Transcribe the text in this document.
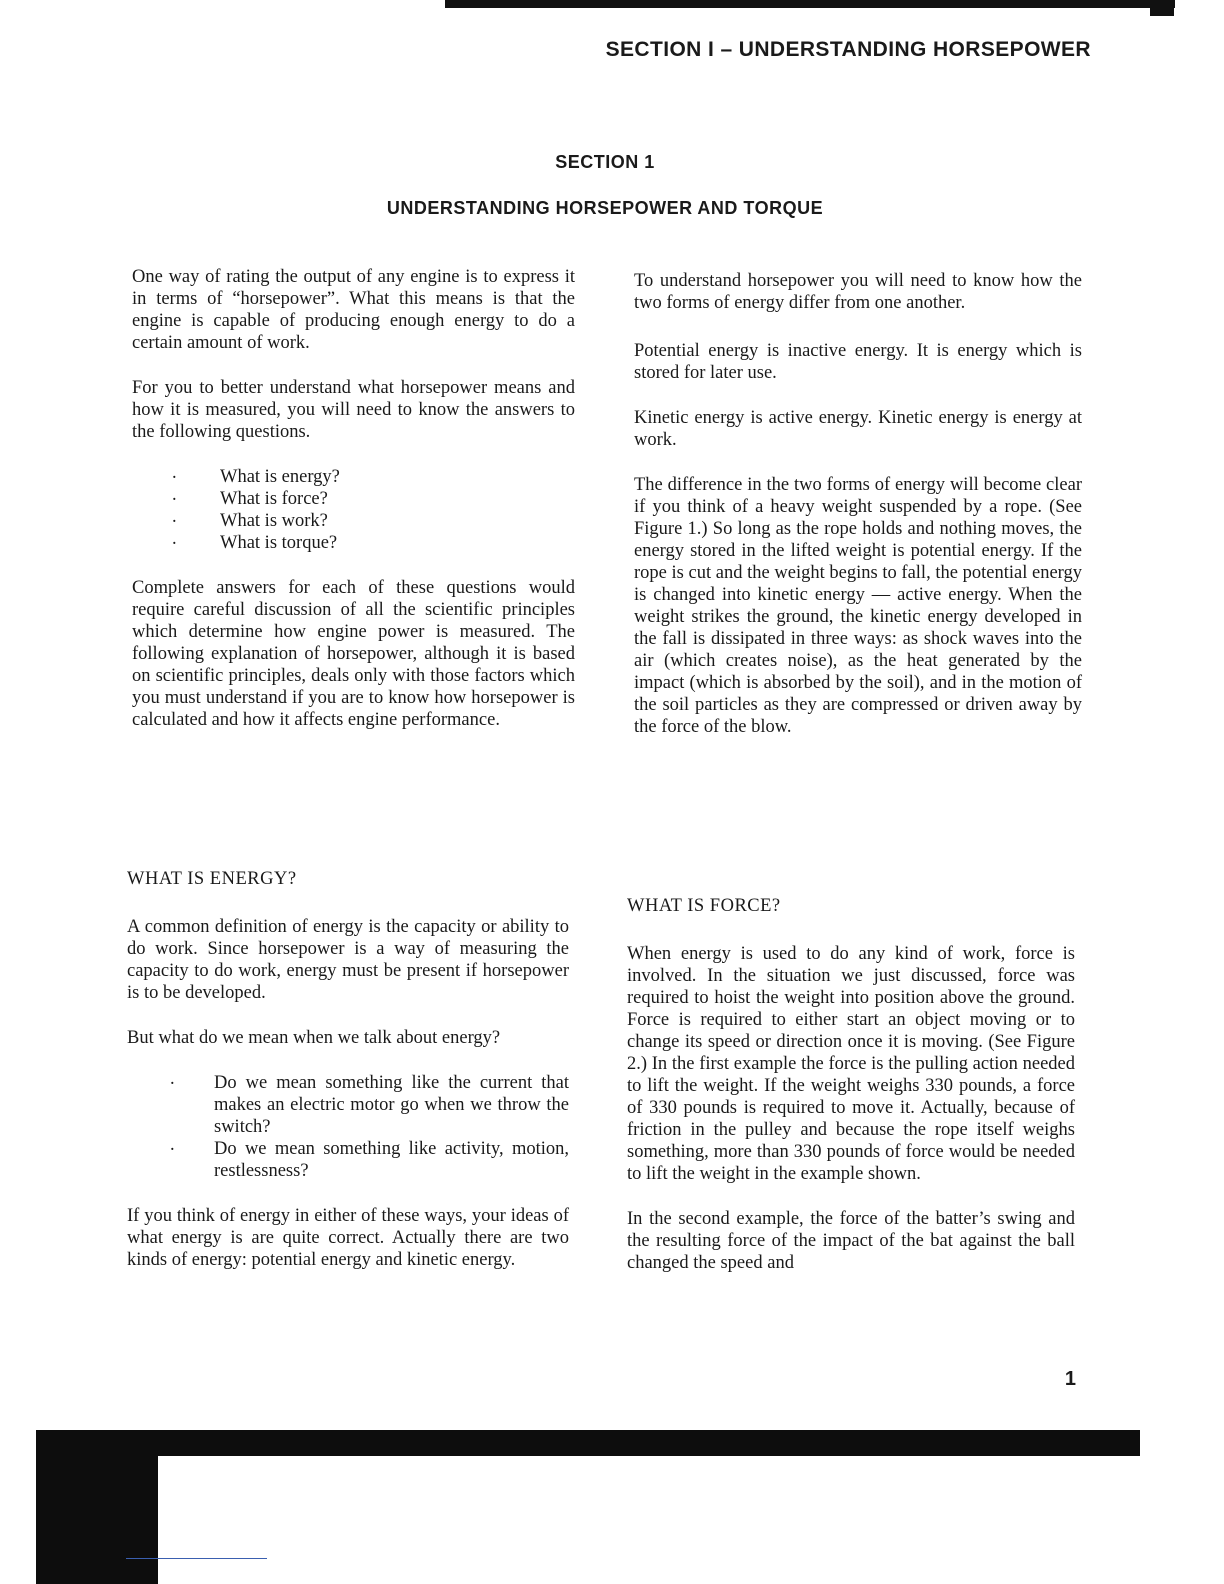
SECTION I – UNDERSTANDING HORSEPOWER
SECTION 1
UNDERSTANDING HORSEPOWER AND TORQUE

One way of rating the output of any engine is to express it in terms of “horsepower”. What this means is that the engine is capable of producing enough energy to do a certain amount of work.

For you to better understand what horsepower means and how it is measured, you will need to know the answers to the following questions.

. What is energy?
. What is force?
. What is work?
. What is torque?

Complete answers for each of these questions would require careful discussion of all the scientific principles which determine how engine power is measured. The following explanation of horsepower, although it is based on scientific principles, deals only with those factors which you must understand if you are to know how horsepower is calculated and how it affects engine performance.

WHAT IS ENERGY?

A common definition of energy is the capacity or ability to do work. Since horsepower is a way of measuring the capacity to do work, energy must be present if horsepower is to be developed.

But what do we mean when we talk about energy?

. Do we mean something like the current that makes an electric motor go when we throw the switch?
. Do we mean something like activity, motion, restlessness?

If you think of energy in either of these ways, your ideas of what energy is are quite correct. Actually there are two kinds of energy: potential energy and kinetic energy.

To understand horsepower you will need to know how the two forms of energy differ from one another.

Potential energy is inactive energy. It is energy which is stored for later use.

Kinetic energy is active energy. Kinetic energy is energy at work.

The difference in the two forms of energy will become clear if you think of a heavy weight suspended by a rope. (See Figure 1.) So long as the rope holds and nothing moves, the energy stored in the lifted weight is potential energy. If the rope is cut and the weight begins to fall, the potential energy is changed into kinetic energy — active energy. When the weight strikes the ground, the kinetic energy developed in the fall is dissipated in three ways: as shock waves into the air (which creates noise), as the heat generated by the impact (which is absorbed by the soil), and in the motion of the soil particles as they are compressed or driven away by the force of the blow.

WHAT IS FORCE?

When energy is used to do any kind of work, force is involved. In the situation we just discussed, force was required to hoist the weight into position above the ground. Force is required to either start an object moving or to change its speed or direction once it is moving. (See Figure 2.) In the first example the force is the pulling action needed to lift the weight. If the weight weighs 330 pounds, a force of 330 pounds is required to move it. Actually, because of friction in the pulley and because the rope itself weighs something, more than 330 pounds of force would be needed to lift the weight in the example shown.

In the second example, the force of the batter’s swing and the resulting force of the impact of the bat against the ball changed the speed and

1
